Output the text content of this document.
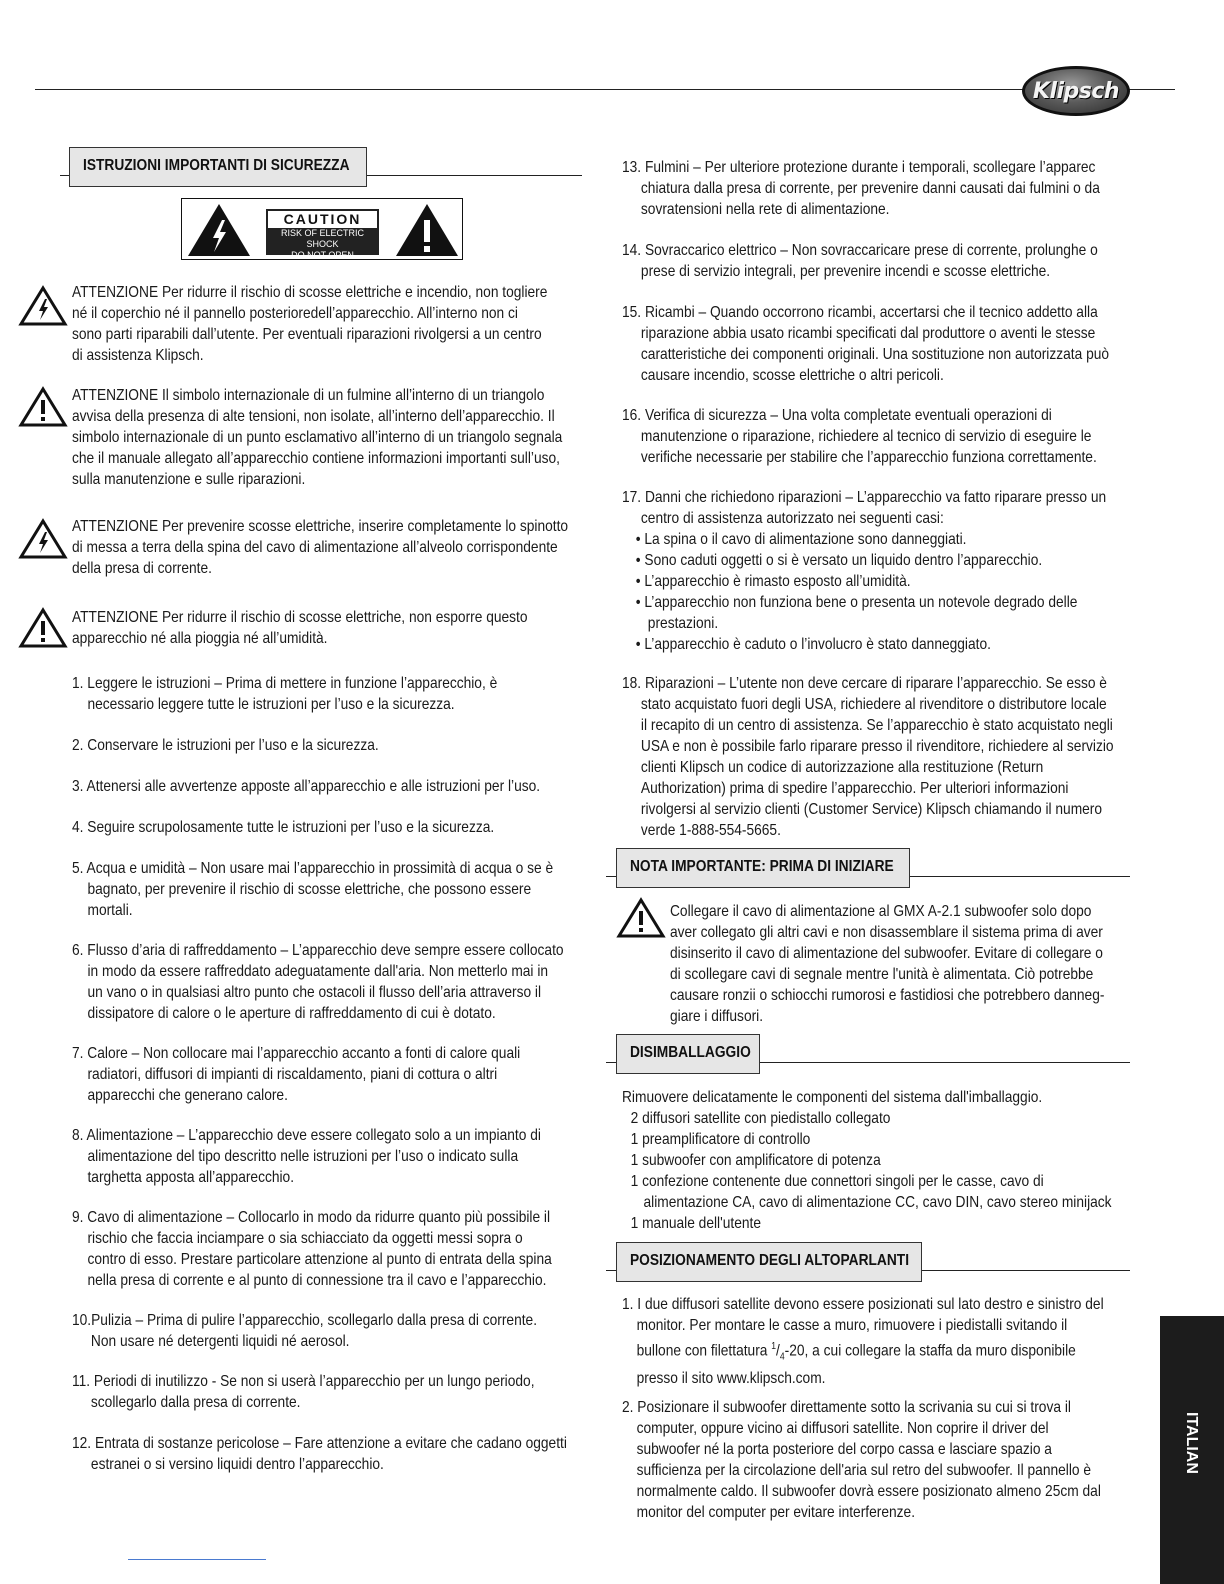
Klipsch
ISTRUZIONI IMPORTANTI DI SICUREZZA
CAUTION
RISK OF ELECTRIC SHOCK
DO NOT OPEN
ATTENZIONE Per ridurre il rischio di scosse elettriche e incendio, non togliere
né il coperchio né il pannello posterioredell’apparecchio. All’interno non ci
sono parti riparabili dall’utente. Per eventuali riparazioni rivolgersi a un centro
di assistenza Klipsch.
ATTENZIONE Il simbolo internazionale di un fulmine all’interno di un triangolo
avvisa della presenza di alte tensioni, non isolate, all’interno dell’apparecchio. Il
simbolo internazionale di un punto esclamativo all’interno di un triangolo segnala
che il manuale allegato all’apparecchio contiene informazioni importanti sull’uso,
sulla manutenzione e sulle riparazioni.
ATTENZIONE Per prevenire scosse elettriche, inserire completamente lo spinotto
di messa a terra della spina del cavo di alimentazione all’alveolo corrispondente
della presa di corrente.
ATTENZIONE Per ridurre il rischio di scosse elettriche, non esporre questo
apparecchio né alla pioggia né all’umidità.
1. Leggere le istruzioni – Prima di mettere in funzione l’apparecchio, è
necessario leggere tutte le istruzioni per l’uso e la sicurezza.
2. Conservare le istruzioni per l’uso e la sicurezza.
3. Attenersi alle avvertenze apposte all’apparecchio e alle istruzioni per l’uso.
4. Seguire scrupolosamente tutte le istruzioni per l’uso e la sicurezza.
5. Acqua e umidità – Non usare mai l’apparecchio in prossimità di acqua o se è
bagnato, per prevenire il rischio di scosse elettriche, che possono essere
mortali.
6. Flusso d’aria di raffreddamento – L’apparecchio deve sempre essere collocato
in modo da essere raffreddato adeguatamente dall'aria. Non metterlo mai in
un vano o in qualsiasi altro punto che ostacoli il flusso dell’aria attraverso il
dissipatore di calore o le aperture di raffreddamento di cui è dotato.
7. Calore – Non collocare mai l’apparecchio accanto a fonti di calore quali
radiatori, diffusori di impianti di riscaldamento, piani di cottura o altri
apparecchi che generano calore.
8. Alimentazione – L’apparecchio deve essere collegato solo a un impianto di
alimentazione del tipo descritto nelle istruzioni per l’uso o indicato sulla
targhetta apposta all’apparecchio.
9. Cavo di alimentazione – Collocarlo in modo da ridurre quanto più possibile il
rischio che faccia inciampare o sia schiacciato da oggetti messi sopra o
contro di esso. Prestare particolare attenzione al punto di entrata della spina
nella presa di corrente e al punto di connessione tra il cavo e l’apparecchio.
10.Pulizia – Prima di pulire l’apparecchio, scollegarlo dalla presa di corrente.
Non usare né detergenti liquidi né aerosol.
11. Periodi di inutilizzo - Se non si userà l’apparecchio per un lungo periodo,
scollegarlo dalla presa di corrente.
12. Entrata di sostanze pericolose – Fare attenzione a evitare che cadano oggetti
estranei o si versino liquidi dentro l’apparecchio.
13. Fulmini – Per ulteriore protezione durante i temporali, scollegare l’apparec
chiatura dalla presa di corrente, per prevenire danni causati dai fulmini o da
sovratensioni nella rete di alimentazione.
14. Sovraccarico elettrico – Non sovraccaricare prese di corrente, prolunghe o
prese di servizio integrali, per prevenire incendi e scosse elettriche.
15. Ricambi – Quando occorrono ricambi, accertarsi che il tecnico addetto alla
riparazione abbia usato ricambi specificati dal produttore o aventi le stesse
caratteristiche dei componenti originali. Una sostituzione non autorizzata può
causare incendio, scosse elettriche o altri pericoli.
16. Verifica di sicurezza – Una volta completate eventuali operazioni di
manutenzione o riparazione, richiedere al tecnico di servizio di eseguire le
verifiche necessarie per stabilire che l’apparecchio funziona correttamente.
17. Danni che richiedono riparazioni – L’apparecchio va fatto riparare presso un
centro di assistenza autorizzato nei seguenti casi:
• La spina o il cavo di alimentazione sono danneggiati.
• Sono caduti oggetti o si è versato un liquido dentro l’apparecchio.
• L’apparecchio è rimasto esposto all’umidità.
• L’apparecchio non funziona bene o presenta un notevole degrado delle
prestazioni.
• L’apparecchio è caduto o l’involucro è stato danneggiato.
18. Riparazioni – L’utente non deve cercare di riparare l’apparecchio. Se esso è
stato acquistato fuori degli USA, richiedere al rivenditore o distributore locale
il recapito di un centro di assistenza. Se l’apparecchio è stato acquistato negli
USA e non è possibile farlo riparare presso il rivenditore, richiedere al servizio
clienti Klipsch un codice di autorizzazione alla restituzione (Return
Authorization) prima di spedire l’apparecchio. Per ulteriori informazioni
rivolgersi al servizio clienti (Customer Service) Klipsch chiamando il numero
verde 1-888-554-5665.
NOTA IMPORTANTE: PRIMA DI INIZIARE
Collegare il cavo di alimentazione al GMX A-2.1 subwoofer solo dopo
aver collegato gli altri cavi e non disassemblare il sistema prima di aver
disinserito il cavo di alimentazione del subwoofer. Evitare di collegare o
di scollegare cavi di segnale mentre l'unità è alimentata. Ciò potrebbe
causare ronzii o schiocchi rumorosi e fastidiosi che potrebbero danneg-
giare i diffusori.
DISIMBALLAGGIO
Rimuovere delicatamente le componenti del sistema dall'imballaggio.
2 diffusori satellite con piedistallo collegato
1 preamplificatore di controllo
1 subwoofer con amplificatore di potenza
1 confezione contenente due connettori singoli per le casse, cavo di
alimentazione CA, cavo di alimentazione CC, cavo DIN, cavo stereo minijack
1 manuale dell'utente
POSIZIONAMENTO DEGLI ALTOPARLANTI
1. I due diffusori satellite devono essere posizionati sul lato destro e sinistro del
monitor. Per montare le casse a muro, rimuovere i piedistalli svitando il
bullone con filettatura $^1/_4-20$, a cui collegare la staffa da muro disponibile
presso il sito www.klipsch.com.
2. Posizionare il subwoofer direttamente sotto la scrivania su cui si trova il
computer, oppure vicino ai diffusori satellite. Non coprire il driver del
subwoofer né la porta posteriore del corpo cassa e lasciare spazio a
sufficienza per la circolazione dell'aria sul retro del subwoofer. Il pannello è
normalmente caldo. Il subwoofer dovrà essere posizionato almeno 25cm dal
monitor del computer per evitare interferenze.
ITALIAN
